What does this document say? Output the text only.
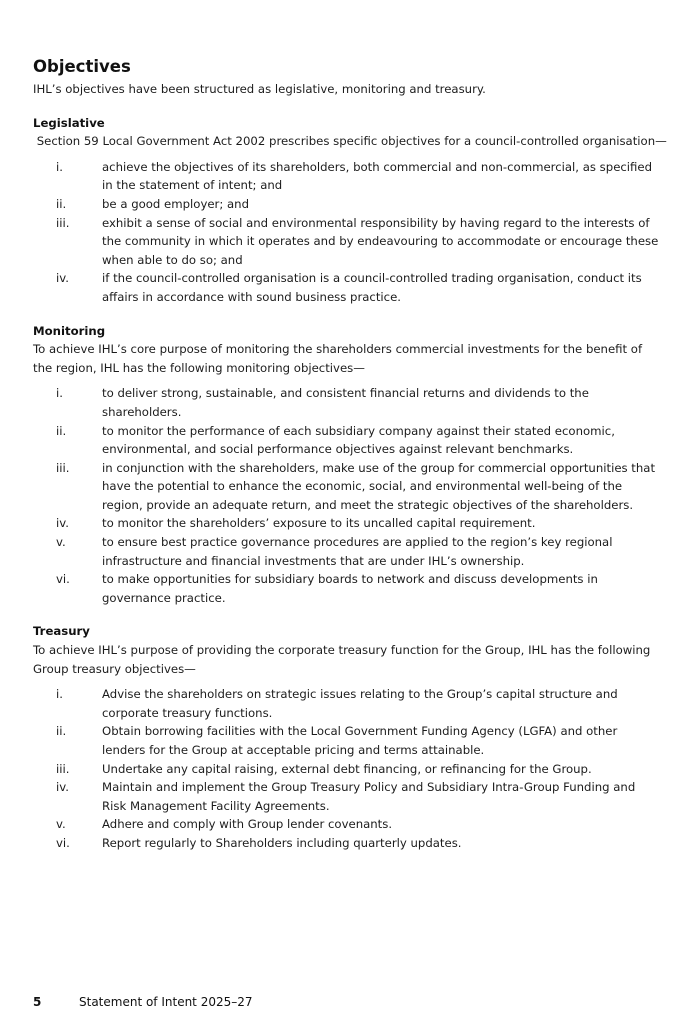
Objectives

IHL’s objectives have been structured as legislative, monitoring and treasury.

Legislative

Section 59 Local Government Act 2002 prescribes specific objectives for a council-controlled organisation—

i.	achieve the objectives of its shareholders, both commercial and non-commercial, as specified in the statement of intent; and
ii.	be a good employer; and
iii.	exhibit a sense of social and environmental responsibility by having regard to the interests of the community in which it operates and by endeavouring to accommodate or encourage these when able to do so; and
iv.	if the council-controlled organisation is a council-controlled trading organisation, conduct its affairs in accordance with sound business practice.
Monitoring

To achieve IHL’s core purpose of monitoring the shareholders commercial investments for the benefit of the region, IHL has the following monitoring objectives—

i.	to deliver strong, sustainable, and consistent financial returns and dividends to the shareholders.
ii.	to monitor the performance of each subsidiary company against their stated economic, environmental, and social performance objectives against relevant benchmarks.
iii.	in conjunction with the shareholders, make use of the group for commercial opportunities that have the potential to enhance the economic, social, and environmental well-being of the region, provide an adequate return, and meet the strategic objectives of the shareholders.
iv.	to monitor the shareholders’ exposure to its uncalled capital requirement.
v.	to ensure best practice governance procedures are applied to the region’s key regional infrastructure and financial investments that are under IHL’s ownership.
vi.	to make opportunities for subsidiary boards to network and discuss developments in governance practice.
Treasury

To achieve IHL’s purpose of providing the corporate treasury function for the Group, IHL has the following Group treasury objectives—

i.	Advise the shareholders on strategic issues relating to the Group’s capital structure and corporate treasury functions.
ii.	Obtain borrowing facilities with the Local Government Funding Agency (LGFA) and other lenders for the Group at acceptable pricing and terms attainable.
iii.	Undertake any capital raising, external debt financing, or refinancing for the Group.
iv.	Maintain and implement the Group Treasury Policy and Subsidiary Intra-Group Funding and Risk Management Facility Agreements.
v.	Adhere and comply with Group lender covenants.
vi.	Report regularly to Shareholders including quarterly updates.
5	Statement of Intent 2025–27
